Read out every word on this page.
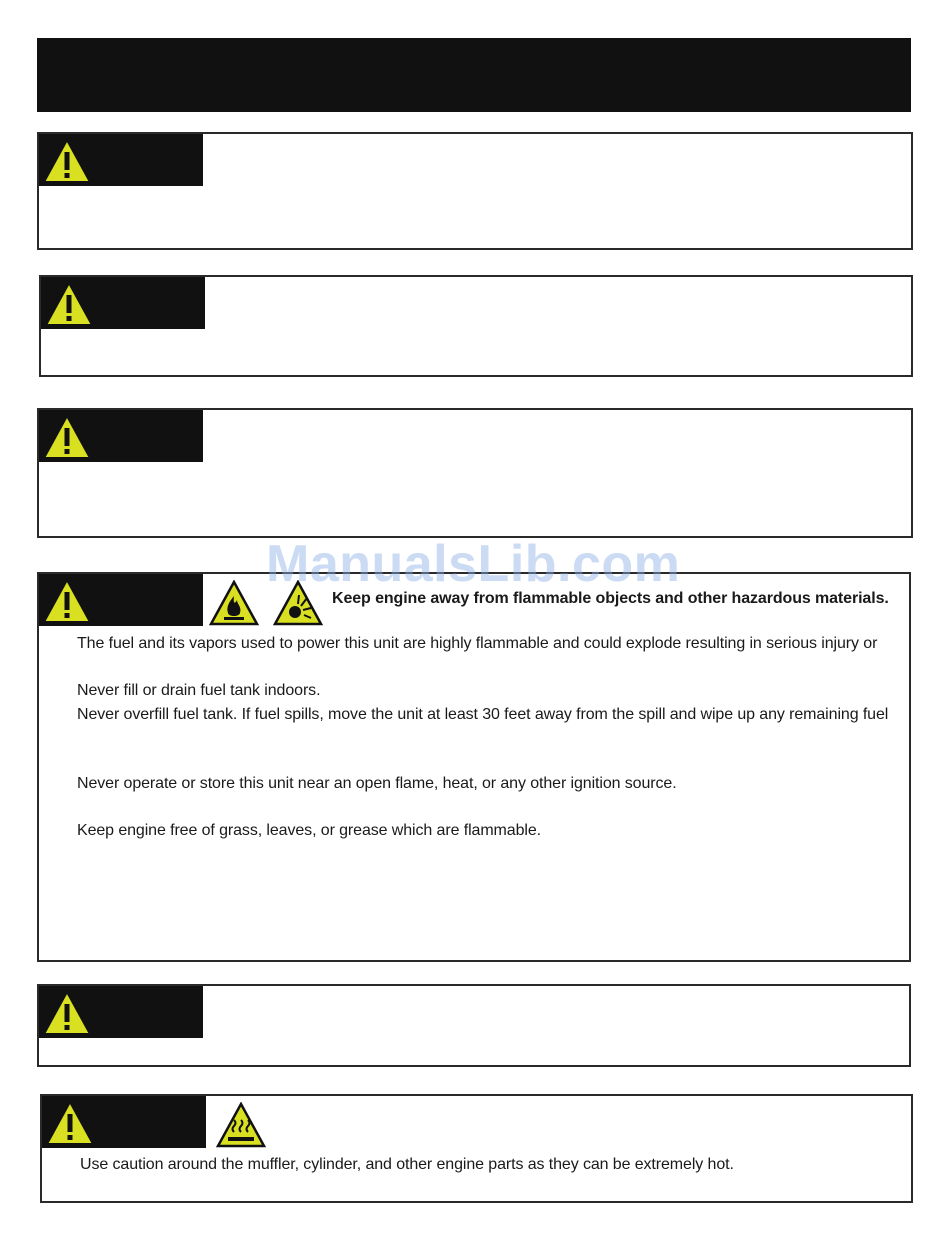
Keep engine away from flammable objects and other hazardous materials.
The fuel and its vapors used to power this unit are highly flammable and could explode resulting in serious injury or
Never fill or drain fuel tank indoors.
Never overfill fuel tank. If fuel spills, move the unit at least 30 feet away from the spill and wipe up any remaining fuel
Never operate or store this unit near an open flame, heat, or any other ignition source.
Keep engine free of grass, leaves, or grease which are flammable.
Use caution around the muffler, cylinder, and other engine parts as they can be extremely hot.
ManualsLib.com
